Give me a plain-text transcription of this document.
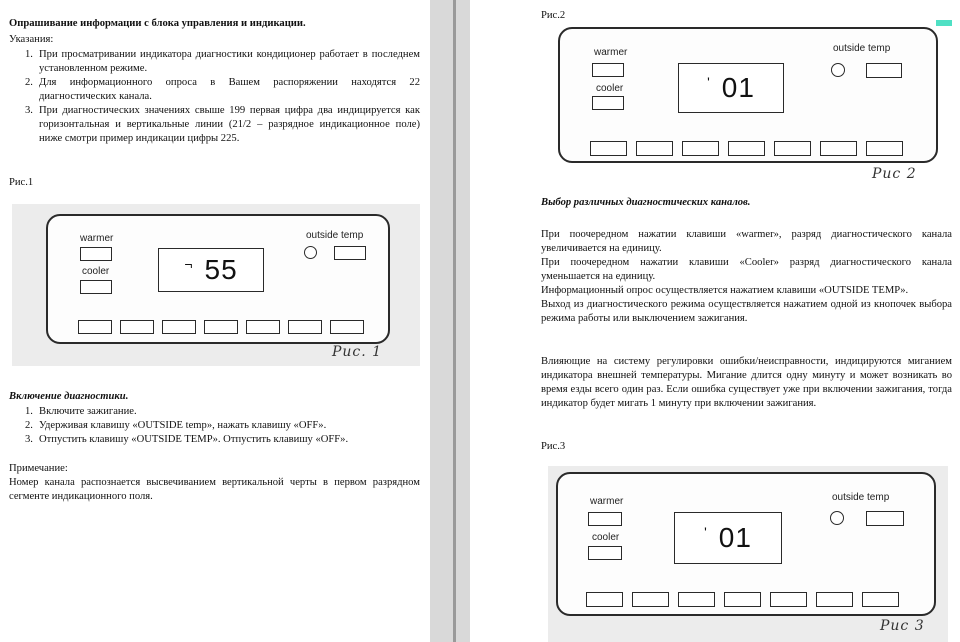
Опрашивание информации с блока управления и индикации.
Указания:
1. При просматривании индикатора диагностики кондиционер работает в последнем установленном режиме.
2. Для информационного опроса в Вашем распоряжении находятся 22 диагностических канала.
3. При диагностических значениях свыше 199 первая цифра два индицируется как горизонтальная и вертикальные линии (21/2 – разрядное индикационное поле) ниже смотри пример индикации цифры 225.
Рис.1
warmer
cooler	¬ 55
outside temp
Рис. 1
Включение диагностики.
1. Включите зажигание.
2. Удерживая клавишу «OUTSIDE temp», нажать клавишу «OFF».
3. Отпустить клавишу «OUTSIDE TEMP». Отпустить клавишу «OFF».
Примечание:
Номер канала распознается высвечиванием вертикальной черты в первом разрядном сегменте индикационного поля.
Рис.2
warmer
cooler	' 01
outside temp
Рис 2
Выбор различных диагностических каналов.
При поочередном нажатии клавиши «warmer», разряд диагностического канала увеличивается на единицу.
При поочередном нажатии клавиши «Cooler» разряд диагностического канала уменьшается на единицу.
Информационный опрос осуществляется нажатием клавиши «OUTSIDE TEMP».
Выход из диагностического режима осуществляется нажатием одной из кнопочек выбора режима работы или выключением зажигания.
Влияющие на систему регулировки ошибки/неисправности, индицируются миганием индикатора внешней температуры. Мигание длится одну минуту и может возникать во время езды всего один раз. Если ошибка существует уже при включении зажигания, тогда индикатор будет мигать 1 минуту при включении зажигания.
Рис.3
warmer
cooler	' 01
outside temp
Рис 3
